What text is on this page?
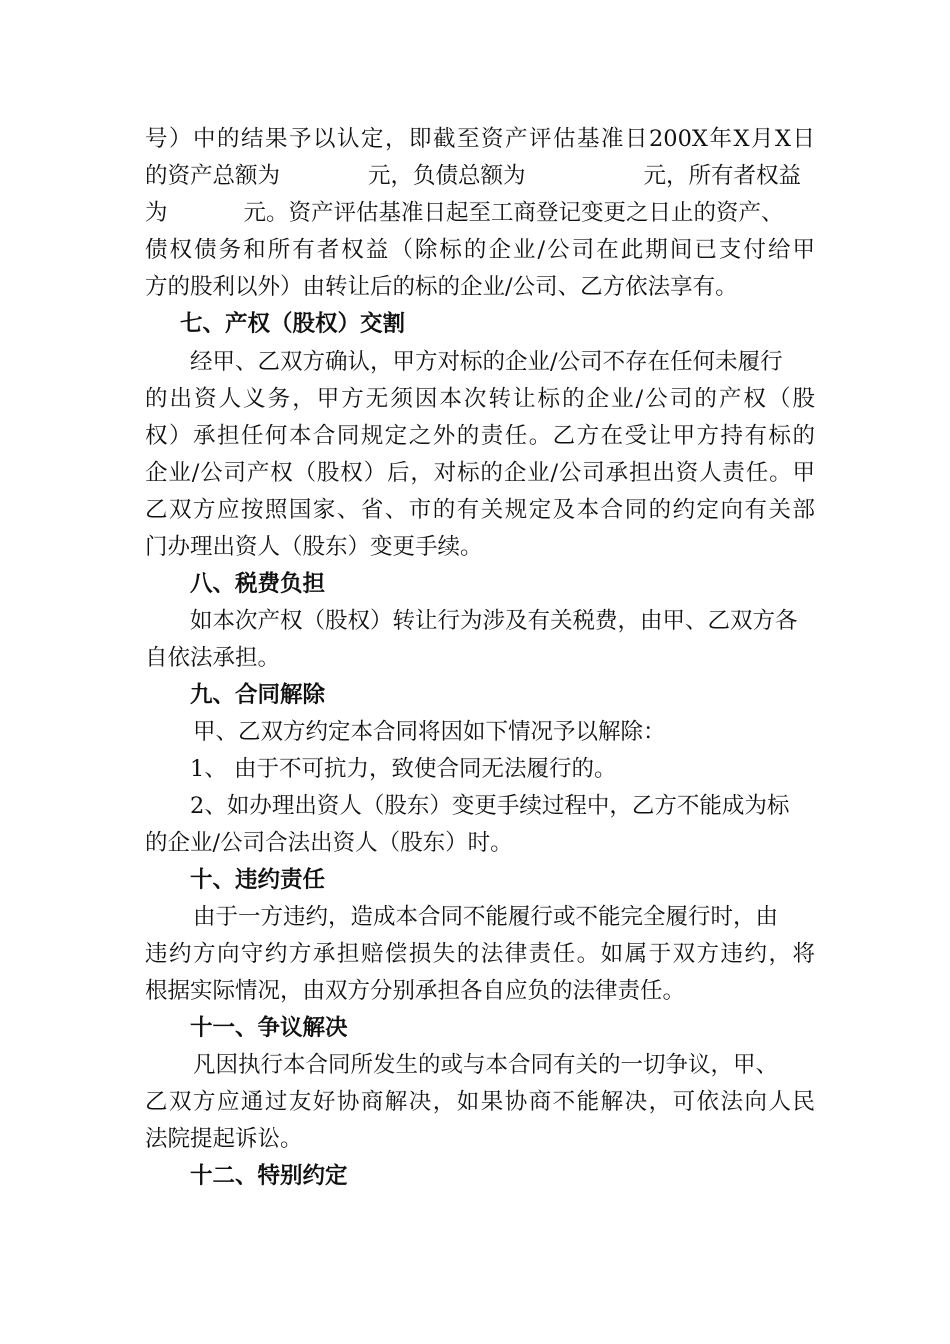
号）中的结果予以认定，即截至资产评估基准日200X年X月X日
的资产总额为	元，负债总额为	元，所有者权益
为	元。资产评估基准日起至工商登记变更之日止的资产、
债权债务和所有者权益（除标的企业/公司在此期间已支付给甲
方的股利以外）由转让后的标的企业/公司、乙方依法享有。
七、产权（股权）交割
经甲、乙双方确认，甲方对标的企业/公司不存在任何未履行
的出资人义务，甲方无须因本次转让标的企业/公司的产权（股
权）承担任何本合同规定之外的责任。乙方在受让甲方持有标的
企业/公司产权（股权）后，对标的企业/公司承担出资人责任。甲
乙双方应按照国家、省、市的有关规定及本合同的约定向有关部
门办理出资人（股东）变更手续。
八、税费负担
如本次产权（股权）转让行为涉及有关税费，由甲、乙双方各
自依法承担。
九、合同解除
甲、乙双方约定本合同将因如下情况予以解除：
1、 由于不可抗力，致使合同无法履行的。
2、如办理出资人（股东）变更手续过程中，乙方不能成为标
的企业/公司合法出资人（股东）时。
十、违约责任
由于一方违约，造成本合同不能履行或不能完全履行时，由
违约方向守约方承担赔偿损失的法律责任。如属于双方违约，将
根据实际情况，由双方分别承担各自应负的法律责任。
十一、争议解决
凡因执行本合同所发生的或与本合同有关的一切争议，甲、
乙双方应通过友好协商解决，如果协商不能解决，可依法向人民
法院提起诉讼。
十二、特别约定
